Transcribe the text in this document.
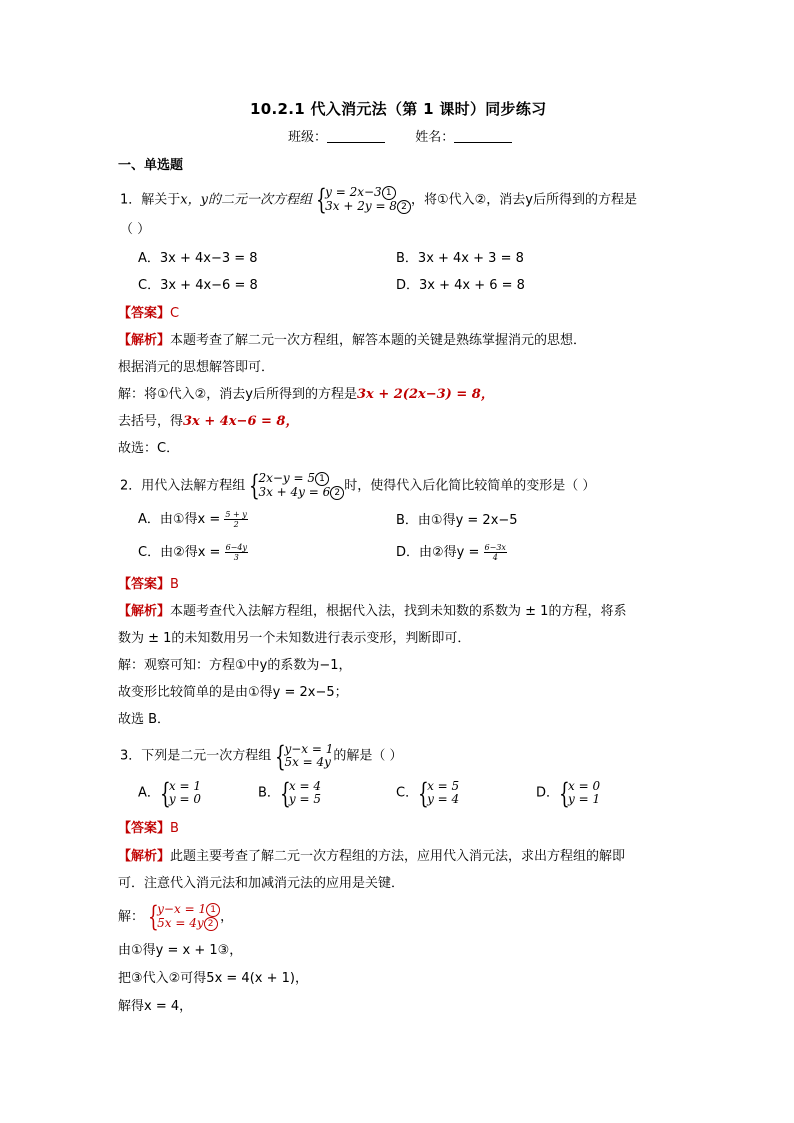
10.2.1 代入消元法（第 1 课时）同步练习
班级：	姓名：
一、单选题
1．解关于x，y的二元一次方程组 {
y = 2x−3 1
3x + 2y = 8 2 ，将①代入②，消去y后所得到的方程是
（ ）
A．3x + 4x−3 = 8	B．3x + 4x + 3 = 8
C．3x + 4x−6 = 8	D．3x + 4x + 6 = 8
【答案】C
【解析】本题考查了解二元一次方程组，解答本题的关键是熟练掌握消元的思想．
根据消元的思想解答即可．
解：将①代入②，消去y后所得到的方程是3x + 2(2x−3) = 8，
去括号，得3x + 4x−6 = 8，
故选：C．
2．用代入法解方程组 {
2x−y = 5 1
3x + 4y = 6 2 时，使得代入后化简比较简单的变形是（ ）
A．由①得$x = \frac{5 + y}{2}$	B．由①得y = 2x−5
C．由②得$x = \frac{6-4y}{3}$	D．由②得$y = \frac{6-3x}{4}$
【答案】B
【解析】本题考查代入法解方程组，根据代入法，找到未知数的系数为 ± 1的方程，将系
数为 ± 1的未知数用另一个未知数进行表示变形，判断即可．
解：观察可知：方程①中y的系数为−1，
故变形比较简单的是由①得y = 2x−5；
故选 B．
3．下列是二元一次方程组 {
y−x = 1
5x = 4y 的解是（ ）
A． {
x = 1
y = 0	B． {
x = 4
y = 5	C． {
x = 5
y = 4	D． {
x = 0
y = 1
【答案】B
【解析】此题主要考查了解二元一次方程组的方法，应用代入消元法，求出方程组的解即
可．注意代入消元法和加减消元法的应用是关键．
解： {
y−x = 1 1
5x = 4y 2 ，
由①得y = x + 1③，
把③代入②可得5x = 4(x + 1)，
解得x = 4，
